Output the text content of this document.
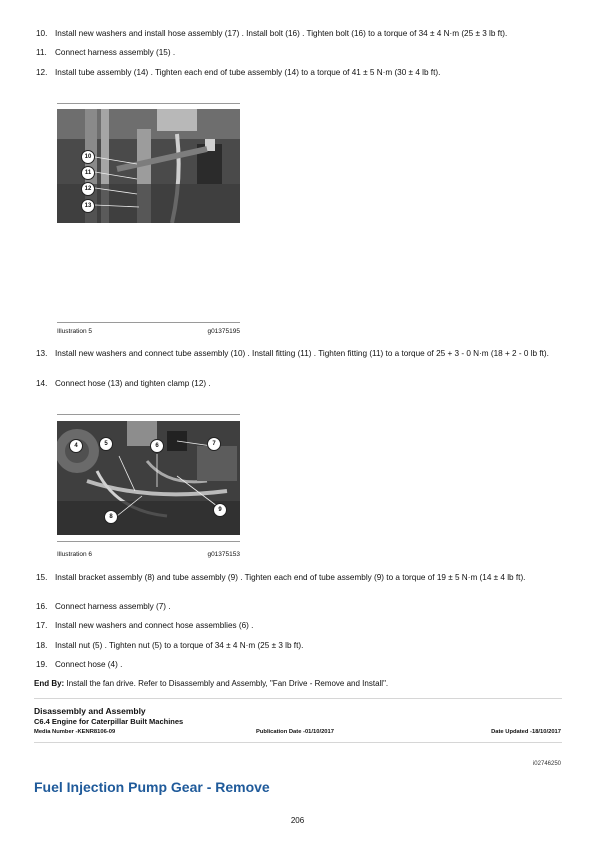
10. Install new washers and install hose assembly (17) . Install bolt (16) . Tighten bolt (16) to a torque of 34 ± 4 N·m (25 ± 3 lb ft).
11.	Connect harness assembly (15) .
12. Install tube assembly (14) . Tighten each end of tube assembly (14) to a torque of 41 ± 5 N·m (30 ± 4 lb ft).
10
11
12
13
Illustration 5	g01375195
13. Install new washers and connect tube assembly (10) . Install fitting (11) . Tighten fitting (11) to a torque of 25 + 3 - 0 N·m (18 + 2 - 0 lb ft).
14. Connect hose (13) and tighten clamp (12) .
4	5	6	7
8
9
Illustration 6	g01375153
15. Install bracket assembly (8) and tube assembly (9) . Tighten each end of tube assembly (9) to a torque of 19 ± 5 N·m (14 ± 4 lb ft).
16. Connect harness assembly (7) .
17. Install new washers and connect hose assemblies (6) .
18. Install nut (5) . Tighten nut (5) to a torque of 34 ± 4 N·m (25 ± 3 lb ft).
19. Connect hose (4) .
End By: Install the fan drive. Refer to Disassembly and Assembly, "Fan Drive - Remove and Install".
Disassembly and Assembly
C6.4 Engine for Caterpillar Built Machines
Media Number -KENR8106-09	Publication Date -01/10/2017	Date Updated -18/10/2017
i02746250
Fuel Injection Pump Gear - Remove
206
